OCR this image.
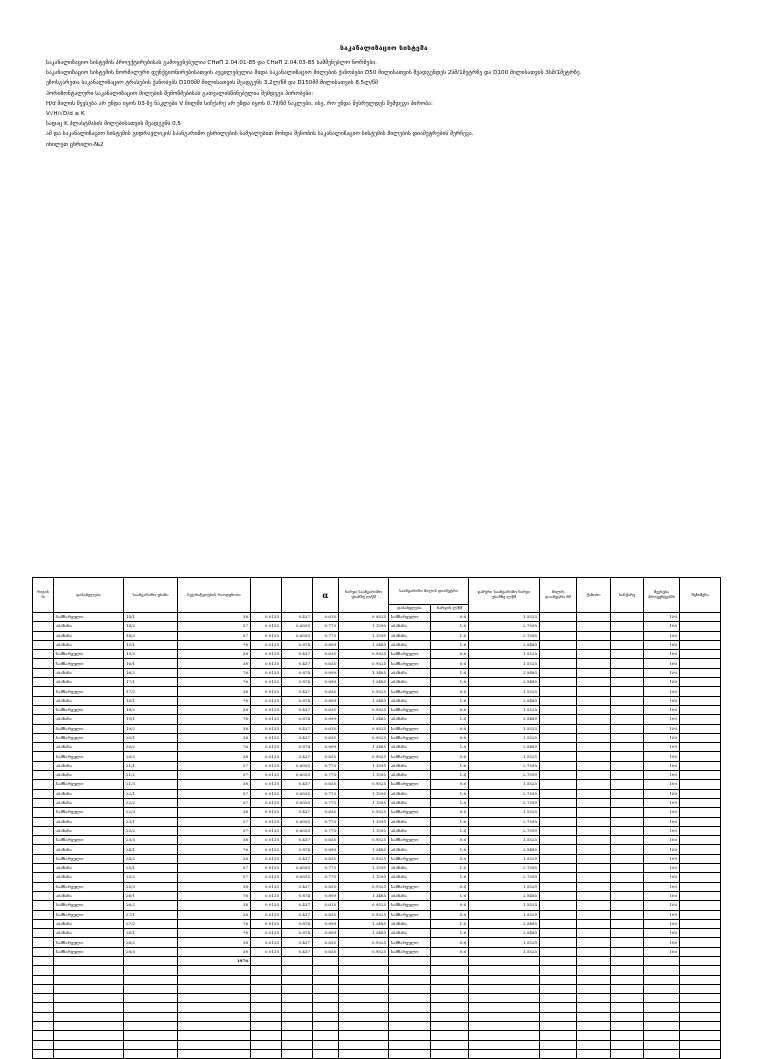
საკანალიზაციო სისტემა
საკანალიზაციო სისტემის პროექტირებისას გამოყენებულია СНиП 2.04.01-85 და СНиП 2.04.03-85 სამშენებლო ნორმები.
საკანალიზაციო სისტემის ნორმალური ფუნქციონირებისათვის აუცილებელია შიდა საკანალიზაციო მილების ქანობები D50 მილისათვის შეადგენდეს 2სმ/1მეტრზე და D100 მილისათვის 3სმ/1მეტრზე.
ეზოსგარეთა საკანალიზაციო ტრასების ქანობებს D100მმ მილისათვის შეადგენს 3.2ლ/წმ და D150მმ მილისათვის 8.5ლ/წმ
ჰორიზონტალური საკანალიზაციო მილების შემოწმებისას გათვალისწინებულია შემდეგი პირობები:
H/d მილის შევსება არ უნდა იყოს 03-ზე ნაკლები V მილში სიჩქარე არ უნდა იყოს 0.7მ/წმ ნაკლები, ისე, რო უნდა შესრულდეს შემდეგი პირობა:
V√H/√D/d ≥ K
სადაც K პლასტმასის მილებისათვის შეადგენს 0,5
ამ და საკანალიზაციო სისტემის გიდრავლიკის საანგარიშო ცხრილების სამუალებით მოხდა შენობის საკანალიზაციო სისტემის მილების დიამეტრების შერჩევა.
იხილეთ ცხრილი-№2
რიგის №	დასახელება	საანგარიშო უბანი	ხელსაწყოების რაოდენობა			α	ხარჯი საანგარიშო უბანზე ლ/წმ	საანგარიშო მილის დიამეტრი		ჯამური საანგარიშო ხარჯი უბანზე ლ/წმ	მილის დიამეტრი მმ	ქანობი	სიჩქარე	შევსება პროცენტებში	შენიშვნა
								დასახელება	ხარჯის ლ/წმ						
	სამზარეულო	14/1	38	0.0135	0.437	0.635	0.9525	სამზარეულო	0.6	1.5525				100	
	აბაზანა	14/2	57	0.0135	0.6555	0.773	1.1595	აბაზანა	1.6	2.7595				100	
	აბაზანა	14/3	57	0.0135	0.6555	0.773	1.1595	აბაზანა	1.6	2.7595				100	
	აბაზანა	15/1	76	0.0135	0.874	0.899	1.3485	აბაზანა	1.6	2.9485				100	
	სამზარეულო	15/2	38	0.0135	0.437	0.635	0.9525	სამზარეულო	0.6	1.5525				100	
	სამზარეულო	16/1	38	0.0135	0.437	0.635	0.9525	სამზარეულო	0.6	1.5525				100	
	აბაზანა	16/2	76	0.0135	0.874	0.899	1.3485	აბაზანა	1.6	2.9485				100	
	აბაზანა	17/1	76	0.0135	0.874	0.899	1.3485	აბაზანა	1.6	2.9485				100	
	სამზარეულო	17/2	38	0.0135	0.437	0.635	0.9525	სამზარეულო	0.6	1.5525				100	
	აბაზანა	18/1	76	0.0135	0.874	0.899	1.3485	აბაზანა	1.6	2.9485				100	
	სამზარეულო	18/2	38	0.0135	0.437	0.635	0.9525	სამზარეულო	0.6	1.5525				100	
	აბაზანა	19/1	76	0.0135	0.874	0.899	1.3485	აბაზანა	1.6	2.9485				100	
	სამზარეულო	19/2	38	0.0135	0.437	0.635	0.9525	სამზარეულო	0.6	1.5525				100	
	სამზარეულო	20/1	38	0.0135	0.437	0.635	0.9525	სამზარეულო	0.6	1.5525				100	
	აბაზანა	20/2	76	0.0135	0.874	0.899	1.3485	აბაზანა	1.6	2.9485				100	
	სამზარეულო	20/3	38	0.0135	0.437	0.635	0.9525	სამზარეულო	0.6	1.5525				100	
	აბაზანა	21/1	57	0.0135	0.6555	0.773	1.1595	აბაზანა	1.6	2.7595				100	
	აბაზანა	21/2	57	0.0135	0.6555	0.773	1.1595	აბაზანა	1.6	2.7595				100	
	სამზარეულო	21/3	38	0.0135	0.437	0.635	0.9525	სამზარეულო	0.6	1.5525				100	
	აბაზანა	22/1	57	0.0135	0.6555	0.773	1.1595	აბაზანა	1.6	2.7595				100	
	აბაზანა	22/2	57	0.0135	0.6555	0.773	1.1595	აბაზანა	1.6	2.7595				100	
	სამზარეულო	22/3	38	0.0135	0.437	0.635	0.9525	სამზარეულო	0.6	1.5525				100	
	აბაზანა	23/1	57	0.0135	0.6555	0.773	1.1595	აბაზანა	1.6	2.7595				100	
	აბაზანა	23/2	57	0.0135	0.6555	0.773	1.1595	აბაზანა	1.6	2.7595				100	
	სამზარეულო	23/3	38	0.0135	0.437	0.635	0.9525	სამზარეულო	0.6	1.5525				100	
	აბაზანა	24/1	76	0.0135	0.874	0.899	1.3485	აბაზანა	1.6	2.9485				100	
	სამზარეულო	24/2	38	0.0135	0.437	0.635	0.9525	სამზარეულო	0.6	1.5525				100	
	აბაზანა	25/1	57	0.0135	0.6555	0.773	1.1595	აბაზანა	1.6	2.7595				100	
	აბაზანა	25/2	57	0.0135	0.6555	0.773	1.1595	აბაზანა	1.6	2.7595				100	
	სამზარეულო	25/3	38	0.0135	0.437	0.635	0.9525	სამზარეულო	0.6	1.5525				100	
	აბაზანა	26/1	76	0.0135	0.874	0.899	1.3485	აბაზანა	1.6	2.9485				100	
	სამზარეულო	26/2	38	0.0135	0.437	0.635	0.9525	სამზარეულო	0.6	1.5525				100	
	სამზარეულო	27/1	38	0.0135	0.437	0.635	0.9525	სამზარეულო	0.6	1.5525				100	
	აბაზანა	27/2	76	0.0135	0.874	0.899	1.3485	აბაზანა	1.6	2.9485				100	
	აბაზანა	28/1	76	0.0135	0.874	0.899	1.3485	აბაზანა	1.6	2.9485				100	
	სამზარეულო	28/2	38	0.0135	0.437	0.635	0.9525	სამზარეულო	0.6	1.5525				100	
	სამზარეულო	28/3	38	0.0135	0.437	0.635	0.9525	სამზარეულო	0.6	1.5525				100	
			1976												
